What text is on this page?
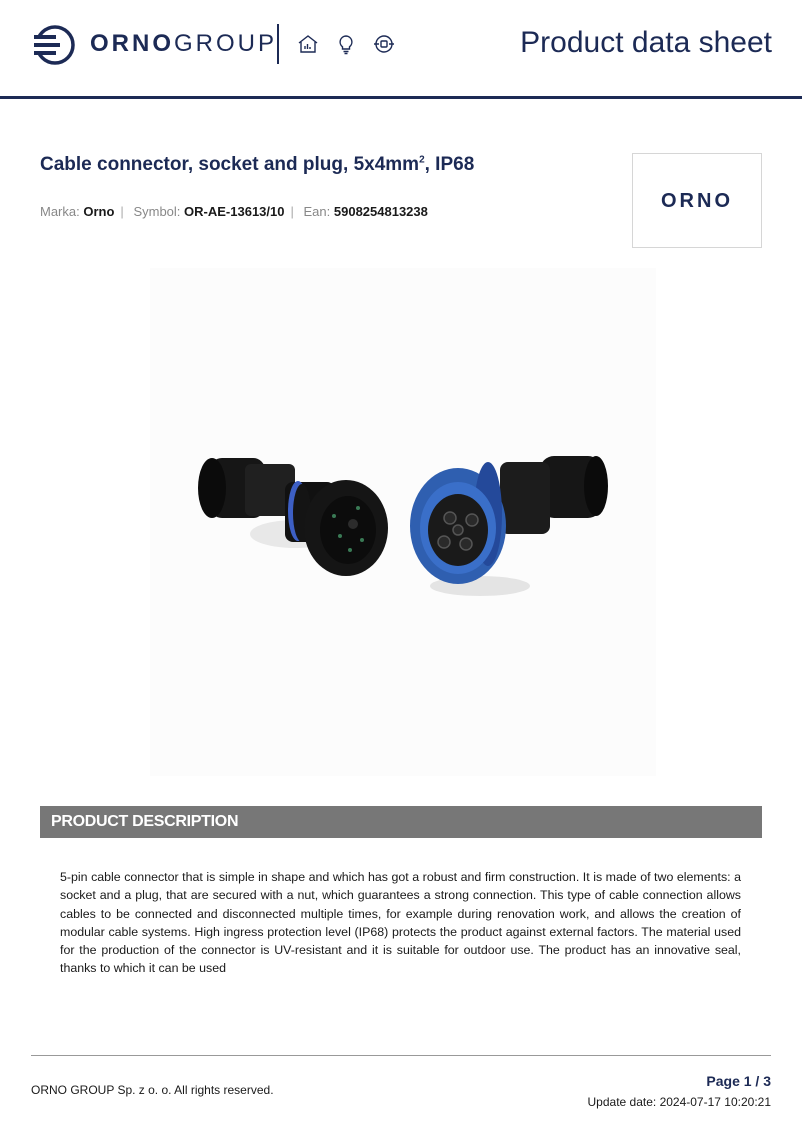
ORNOGROUP	Product data sheet
Cable connector, socket and plug, $5x4mm^2$, IP68
Marka: Orno | Symbol: OR-AE-13613/10 | Ean: 5908254813238	ORNO
PRODUCT DESCRIPTION
5-pin cable connector that is simple in shape and which has got a robust and firm construction. It is made of two elements: a socket and a plug, that are secured with a nut, which guarantees a strong connection. This type of cable connection allows cables to be connected and disconnected multiple times, for example during renovation work, and allows the creation of modular cable systems. High ingress protection level (IP68) protects the product against external factors. The material used for the production of the connector is UV-resistant and it is suitable for outdoor use. The product has an innovative seal, thanks to which it can be used
ORNO GROUP Sp. z o. o. All rights reserved.
Page 1 / 3
Update date: 2024-07-17 10:20:21
